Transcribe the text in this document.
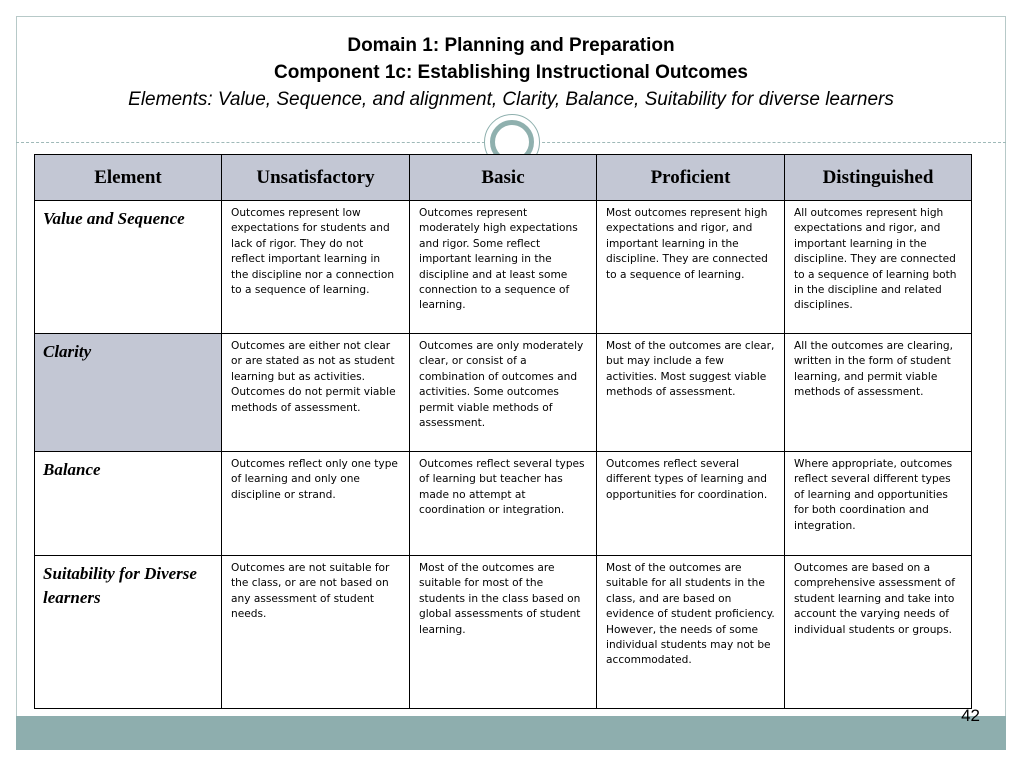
Domain 1: Planning and Preparation
Component 1c: Establishing Instructional Outcomes
Elements: Value, Sequence, and alignment, Clarity, Balance, Suitability for diverse learners
Element	Unsatisfactory	Basic	Proficient	Distinguished
Value and Sequence	Outcomes represent low expectations for students and lack of rigor. They do not reflect important learning in the discipline nor a connection to a sequence of learning.	Outcomes represent moderately high expectations and rigor. Some reflect important learning in the discipline and at least some connection to a sequence of learning.	Most outcomes represent high expectations and rigor, and important learning in the discipline. They are connected to a sequence of learning.	All outcomes represent high expectations and rigor, and important learning in the discipline. They are connected to a sequence of learning both in the discipline and related disciplines.
Clarity	Outcomes are either not clear or are stated as not as student learning but as activities. Outcomes do not permit viable methods of assessment.	Outcomes are only moderately clear, or consist of a combination of outcomes and activities. Some outcomes permit viable methods of assessment.	Most of the outcomes are clear, but may include a few activities. Most suggest viable methods of assessment.	All the outcomes are clearing, written in the form of student learning, and permit viable methods of assessment.
Balance	Outcomes reflect only one type of learning and only one discipline or strand.	Outcomes reflect several types of learning but teacher has made no attempt at coordination or integration.	Outcomes reflect several different types of learning and opportunities for coordination.	Where appropriate, outcomes reflect several different types of learning and opportunities for both coordination and integration.
Suitability for Diverse learners	Outcomes are not suitable for the class, or are not based on any assessment of student needs.	Most of the outcomes are suitable for most of the students in the class based on global assessments of student learning.	Most of the outcomes are suitable for all students in the class, and are based on evidence of student proficiency. However, the needs of some individual students may not be accommodated.	Outcomes are based on a comprehensive assessment of student learning and take into account the varying needs of individual students or groups.
42
